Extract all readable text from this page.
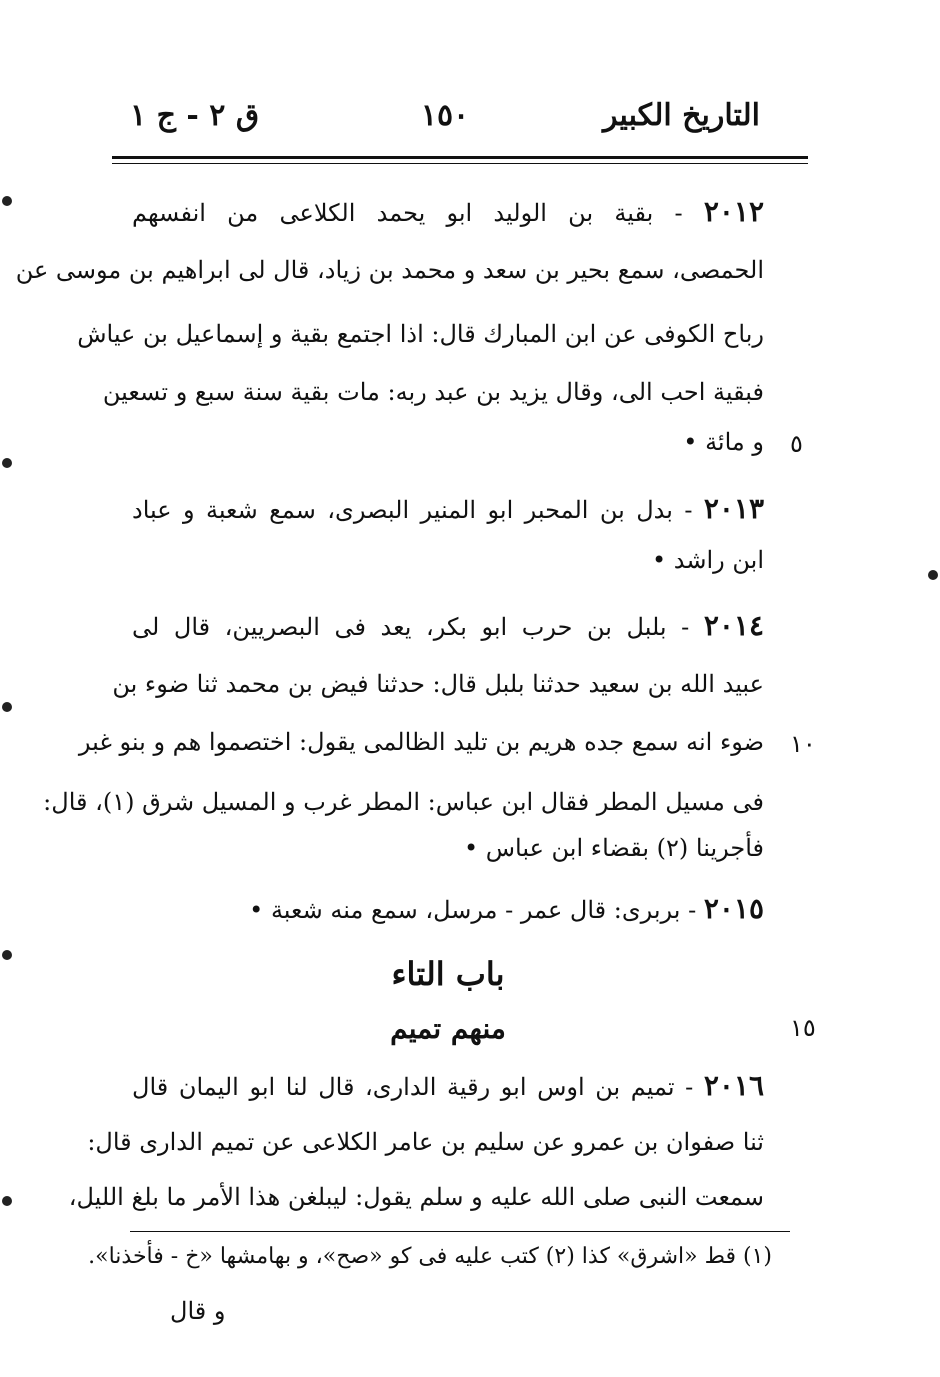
التاريخ الكبير
١٥٠
ق ٢ - ج ١
٢٠١٢ - بقية بن الوليد ابو يحمد الكلاعى من انفسهم
الحمصى، سمع بحير بن سعد و محمد بن زياد، قال لى ابراهيم بن موسى عن
رباح الكوفى عن ابن المبارك قال: اذا اجتمع بقية و إسماعيل بن عياش
فبقية احب الى، وقال يزيد بن عبد ربه: مات بقية سنة سبع و تسعين
و مائة • ٥
٢٠١٣ - بدل بن المحبر ابو المنير البصرى، سمع شعبة و عباد
ابن راشد •
٢٠١٤ - بلبل بن حرب ابو بكر، يعد فى البصريين، قال لى
عبيد الله بن سعيد حدثنا بلبل قال: حدثنا فيض بن محمد ثنا ضوء بن
ضوء انه سمع جده هريم بن تليد الظالمى يقول: اختصموا هم و بنو غبر ١٠
فى مسيل المطر فقال ابن عباس: المطر غرب و المسيل شرق (١)، قال:
فأجرينا (٢) بقضاء ابن عباس •
٢٠١٥ - بربرى: قال عمر - مرسل، سمع منه شعبة •
باب التاء
منهم تميم	١٥
٢٠١٦ - تميم بن اوس ابو رقية الدارى، قال لنا ابو اليمان قال
ثنا صفوان بن عمرو عن سليم بن عامر الكلاعى عن تميم الدارى قال:
سمعت النبى صلى الله عليه و سلم يقول: ليبلغن هذا الأمر ما بلغ الليل،
(١) قط «اشرق» كذا (٢) كتب عليه فى كو «صح»، و بهامشها «خ - فأخذنا».
و قال
